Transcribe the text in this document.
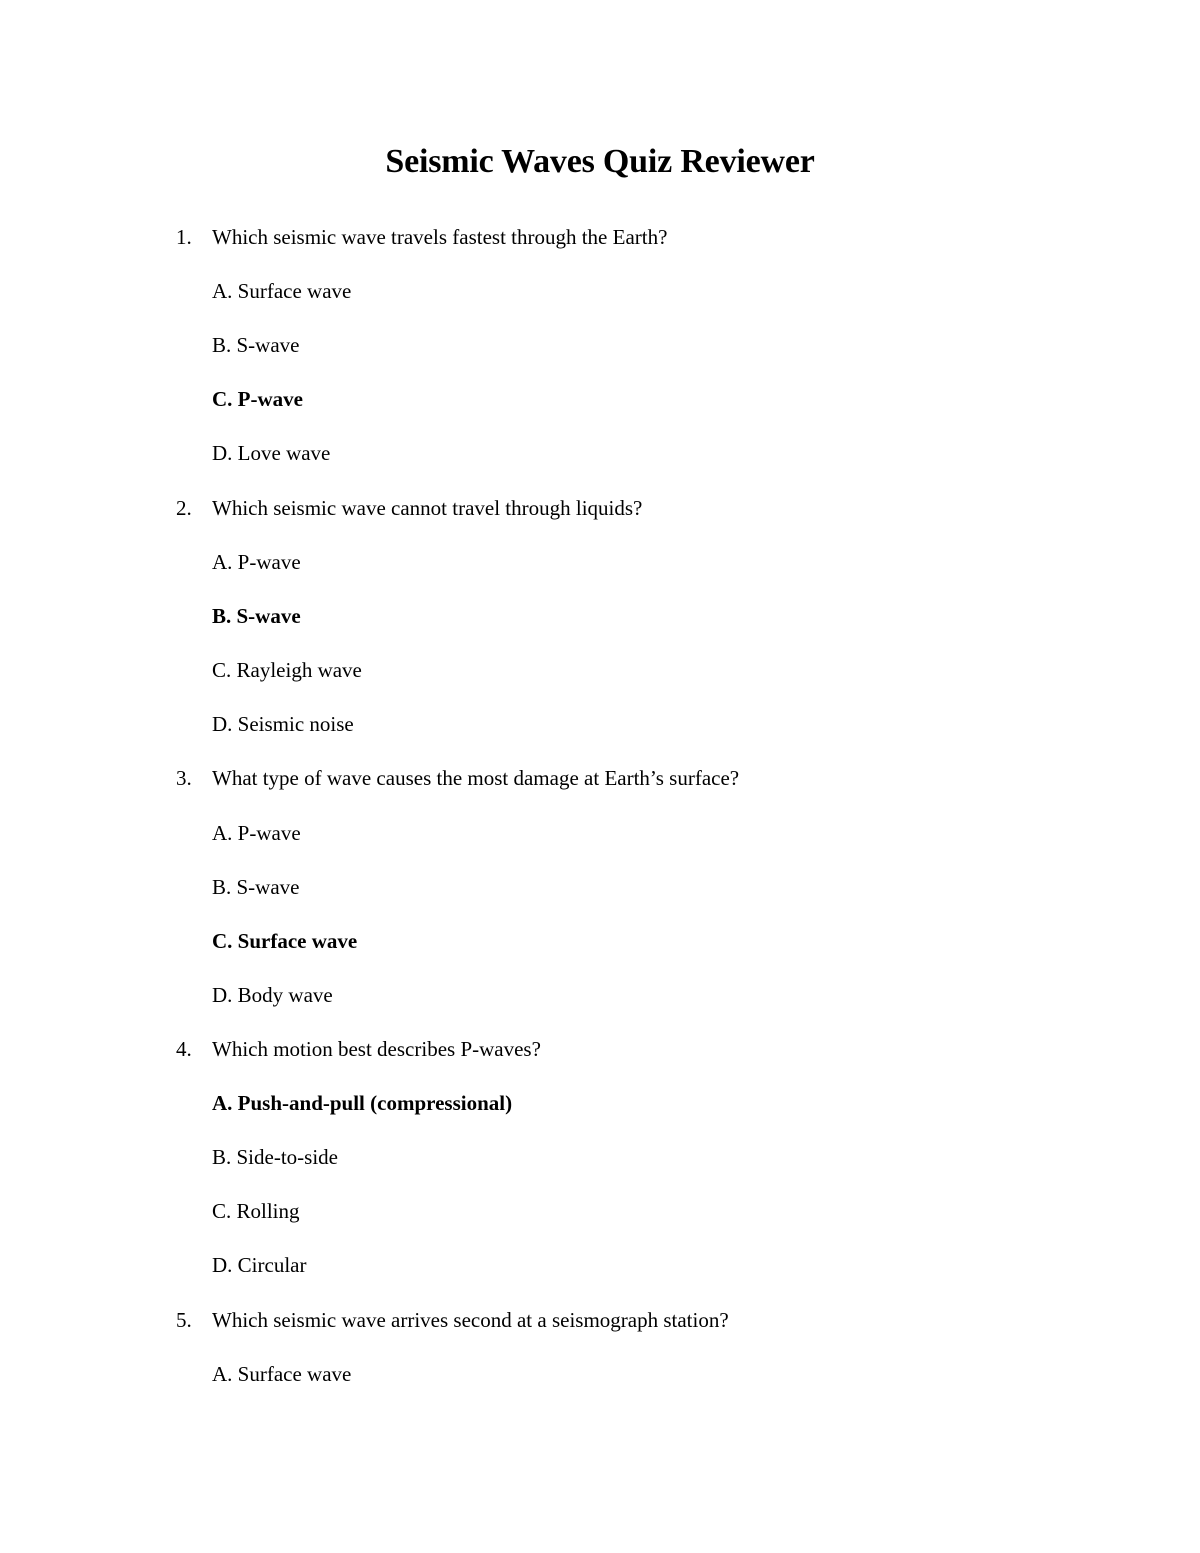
Seismic Waves Quiz Reviewer
1. Which seismic wave travels fastest through the Earth?
A. Surface wave
B. S-wave
C. P-wave
D. Love wave
2. Which seismic wave cannot travel through liquids?
A. P-wave
B. S-wave
C. Rayleigh wave
D. Seismic noise
3. What type of wave causes the most damage at Earth’s surface?
A. P-wave
B. S-wave
C. Surface wave
D. Body wave
4. Which motion best describes P-waves?
A. Push-and-pull (compressional)
B. Side-to-side
C. Rolling
D. Circular
5. Which seismic wave arrives second at a seismograph station?
A. Surface wave
